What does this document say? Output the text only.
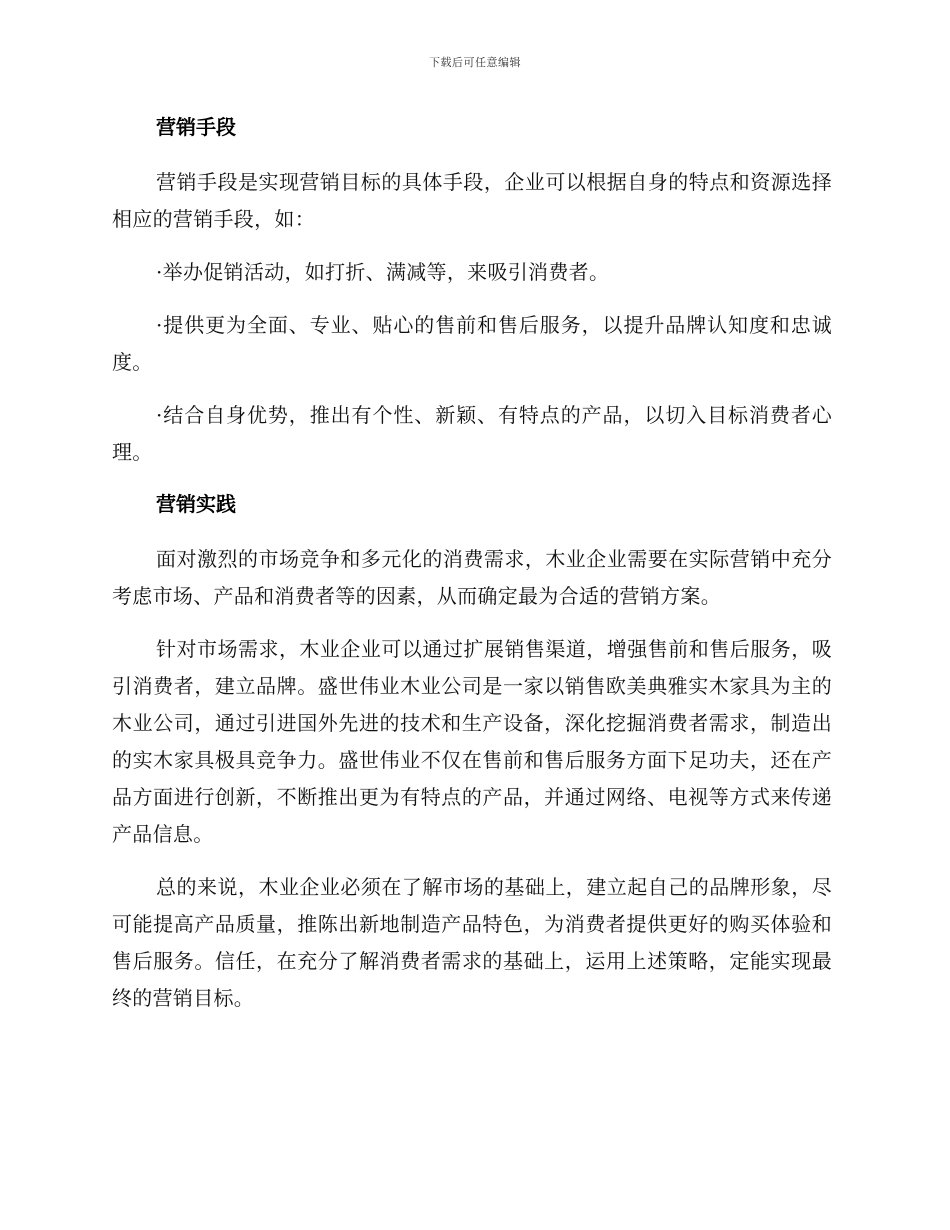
下载后可任意编辑
营销手段

营销手段是实现营销目标的具体手段，企业可以根据自身的特点和资源选择相应的营销手段，如：

·举办促销活动，如打折、满减等，来吸引消费者。

·提供更为全面、专业、贴心的售前和售后服务，以提升品牌认知度和忠诚度。

·结合自身优势，推出有个性、新颖、有特点的产品，以切入目标消费者心理。

营销实践

面对激烈的市场竞争和多元化的消费需求，木业企业需要在实际营销中充分考虑市场、产品和消费者等的因素，从而确定最为合适的营销方案。

针对市场需求，木业企业可以通过扩展销售渠道，增强售前和售后服务，吸引消费者，建立品牌。盛世伟业木业公司是一家以销售欧美典雅实木家具为主的木业公司，通过引进国外先进的技术和生产设备，深化挖掘消费者需求，制造出的实木家具极具竞争力。盛世伟业不仅在售前和售后服务方面下足功夫，还在产品方面进行创新，不断推出更为有特点的产品，并通过网络、电视等方式来传递产品信息。

总的来说，木业企业必须在了解市场的基础上，建立起自己的品牌形象，尽可能提高产品质量，推陈出新地制造产品特色，为消费者提供更好的购买体验和售后服务。信任，在充分了解消费者需求的基础上，运用上述策略，定能实现最终的营销目标。
